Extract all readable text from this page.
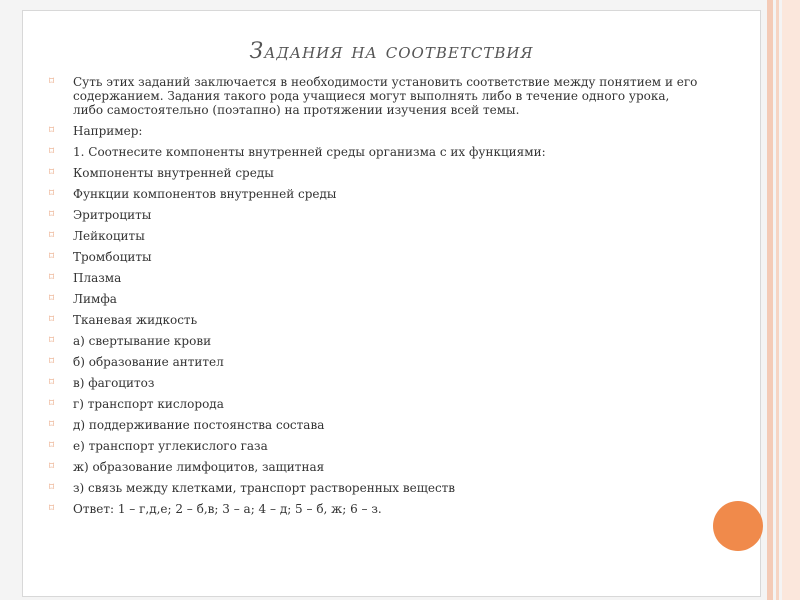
Задания на соответствия
⌑ Суть этих заданий заключается в необходимости установить соответствие между понятием и его содержанием. Задания такого рода учащиеся могут выполнять либо в течение одного урока, либо самостоятельно (поэтапно) на протяжении изучения всей темы.
⌑ Например:
⌑ 1. Соотнесите компоненты внутренней среды организма с их функциями:
⌑ Компоненты внутренней среды
⌑ Функции компонентов внутренней среды
⌑ Эритроциты
⌑ Лейкоциты
⌑ Тромбоциты
⌑ Плазма
⌑ Лимфа
⌑ Тканевая жидкость
⌑ а) свертывание крови
⌑ б) образование антител
⌑ в) фагоцитоз
⌑ г) транспорт кислорода
⌑ д) поддерживание постоянства состава
⌑ е) транспорт углекислого газа
⌑ ж) образование лимфоцитов, защитная
⌑ з) связь между клетками, транспорт растворенных веществ
⌑ Ответ: 1 – г,д,е; 2 – б,в; 3 – а; 4 – д; 5 – б, ж; 6 – з.
